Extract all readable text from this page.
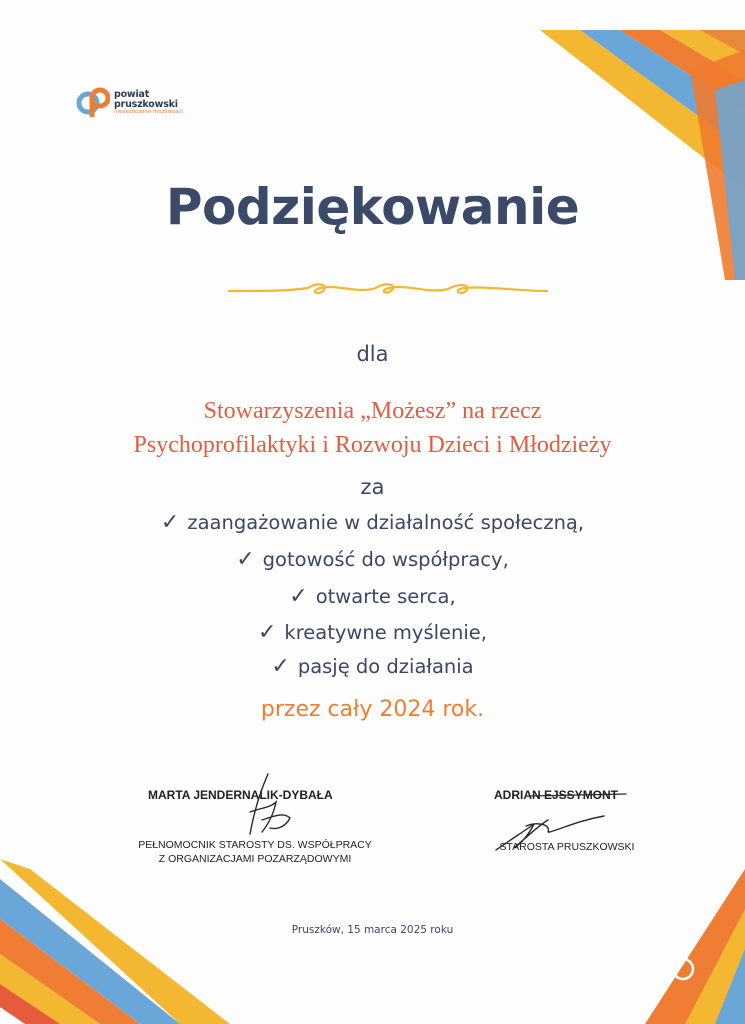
powiat
pruszkowski
nieskończone możliwości
Podziękowanie
dla
Stowarzyszenia „Możesz” na rzecz
Psychoprofilaktyki i Rozwoju Dzieci i Młodzieży
za
✓ zaangażowanie w działalność społeczną,
✓ gotowość do współpracy,
✓ otwarte serca,
✓ kreatywne myślenie,
✓ pasję do działania
przez cały 2024 rok.
MARTA JENDERNALIK-DYBAŁA
PEŁNOMOCNIK STAROSTY DS. WSPÓŁPRACY
Z ORGANIZACJAMI POZARZĄDOWYMI
ADRIAN EJSSYMONT
STAROSTA PRUSZKOWSKI
Pruszków, 15 marca 2025 roku
